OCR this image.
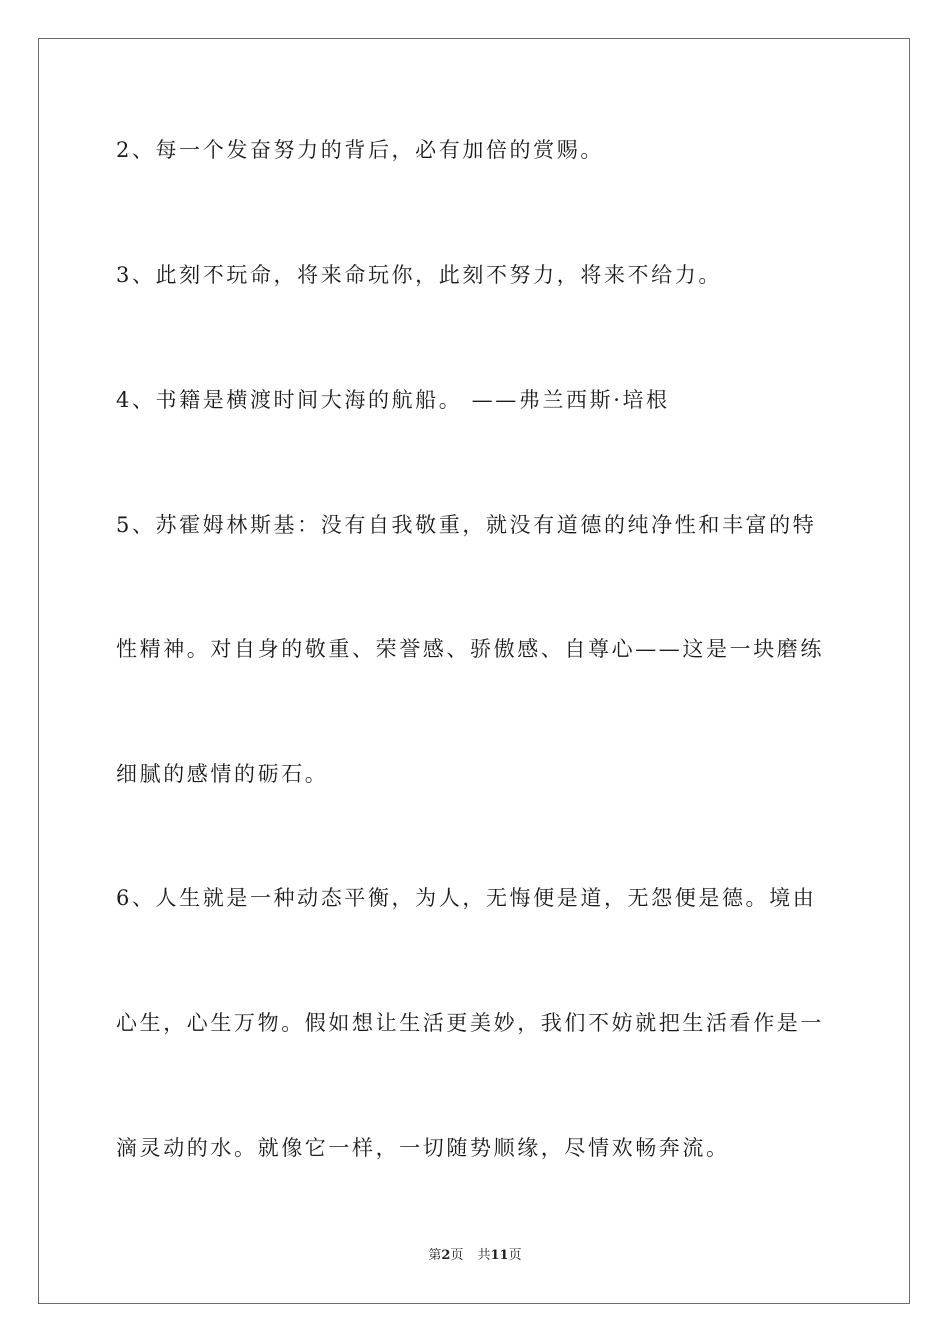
2、每一个发奋努力的背后，必有加倍的赏赐。

3、此刻不玩命，将来命玩你，此刻不努力，将来不给力。

4、书籍是横渡时间大海的航船。 ——弗兰西斯·培根

5、苏霍姆林斯基：没有自我敬重，就没有道德的纯净性和丰富的特

性精神。对自身的敬重、荣誉感、骄傲感、自尊心——这是一块磨练

细腻的感情的砺石。

6、人生就是一种动态平衡，为人，无悔便是道，无怨便是德。境由

心生，心生万物。假如想让生活更美妙，我们不妨就把生活看作是一

滴灵动的水。就像它一样，一切随势顺缘，尽情欢畅奔流。

第2页 共11页
